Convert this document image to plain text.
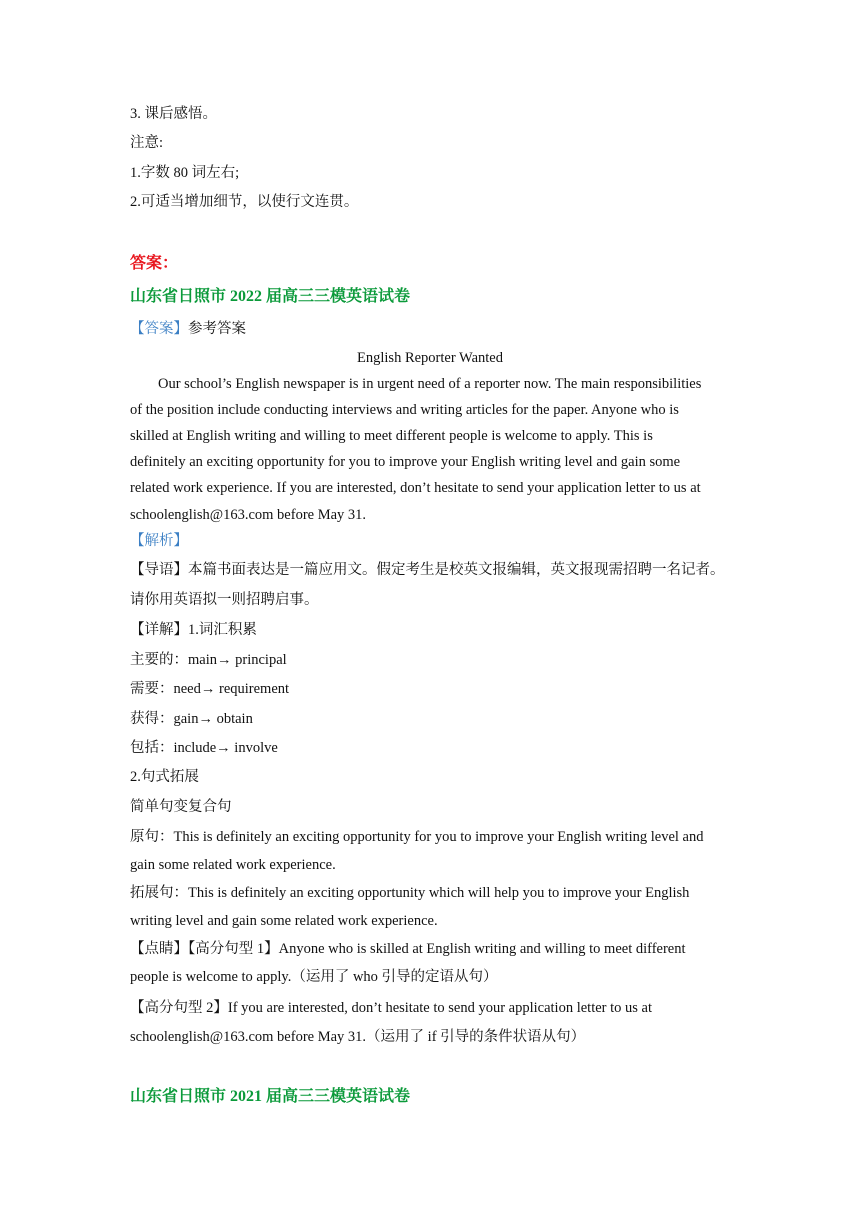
3. 课后感悟。
注意:
1.字数 80 词左右;
2.可适当增加细节，以使行文连贯。
答案：
山东省日照市 2022 届高三三模英语试卷
【答案】参考答案
English Reporter Wanted
Our school’s English newspaper is in urgent need of a reporter now. The main responsibilities
of the position include conducting interviews and writing articles for the paper. Anyone who is
skilled at English writing and willing to meet different people is welcome to apply. This is
definitely an exciting opportunity for you to improve your English writing level and gain some
related work experience. If you are interested, don’t hesitate to send your application letter to us at
schoolenglish@163.com before May 31.
【解析】
【导语】本篇书面表达是一篇应用文。假定考生是校英文报编辑，英文报现需招聘一名记者。
请你用英语拟一则招聘启事。
【详解】1.词汇积累
主要的：main→ principal
需要：need→ requirement
获得：gain→ obtain
包括：include→ involve
2.句式拓展
简单句变复合句
原句：This is definitely an exciting opportunity for you to improve your English writing level and
gain some related work experience.
拓展句：This is definitely an exciting opportunity which will help you to improve your English
writing level and gain some related work experience.
【点睛】【高分句型 1】Anyone who is skilled at English writing and willing to meet different
people is welcome to apply.（运用了 who 引导的定语从句）
【高分句型 2】If you are interested, don’t hesitate to send your application letter to us at
schoolenglish@163.com before May 31.（运用了 if 引导的条件状语从句）
山东省日照市 2021 届高三三模英语试卷
